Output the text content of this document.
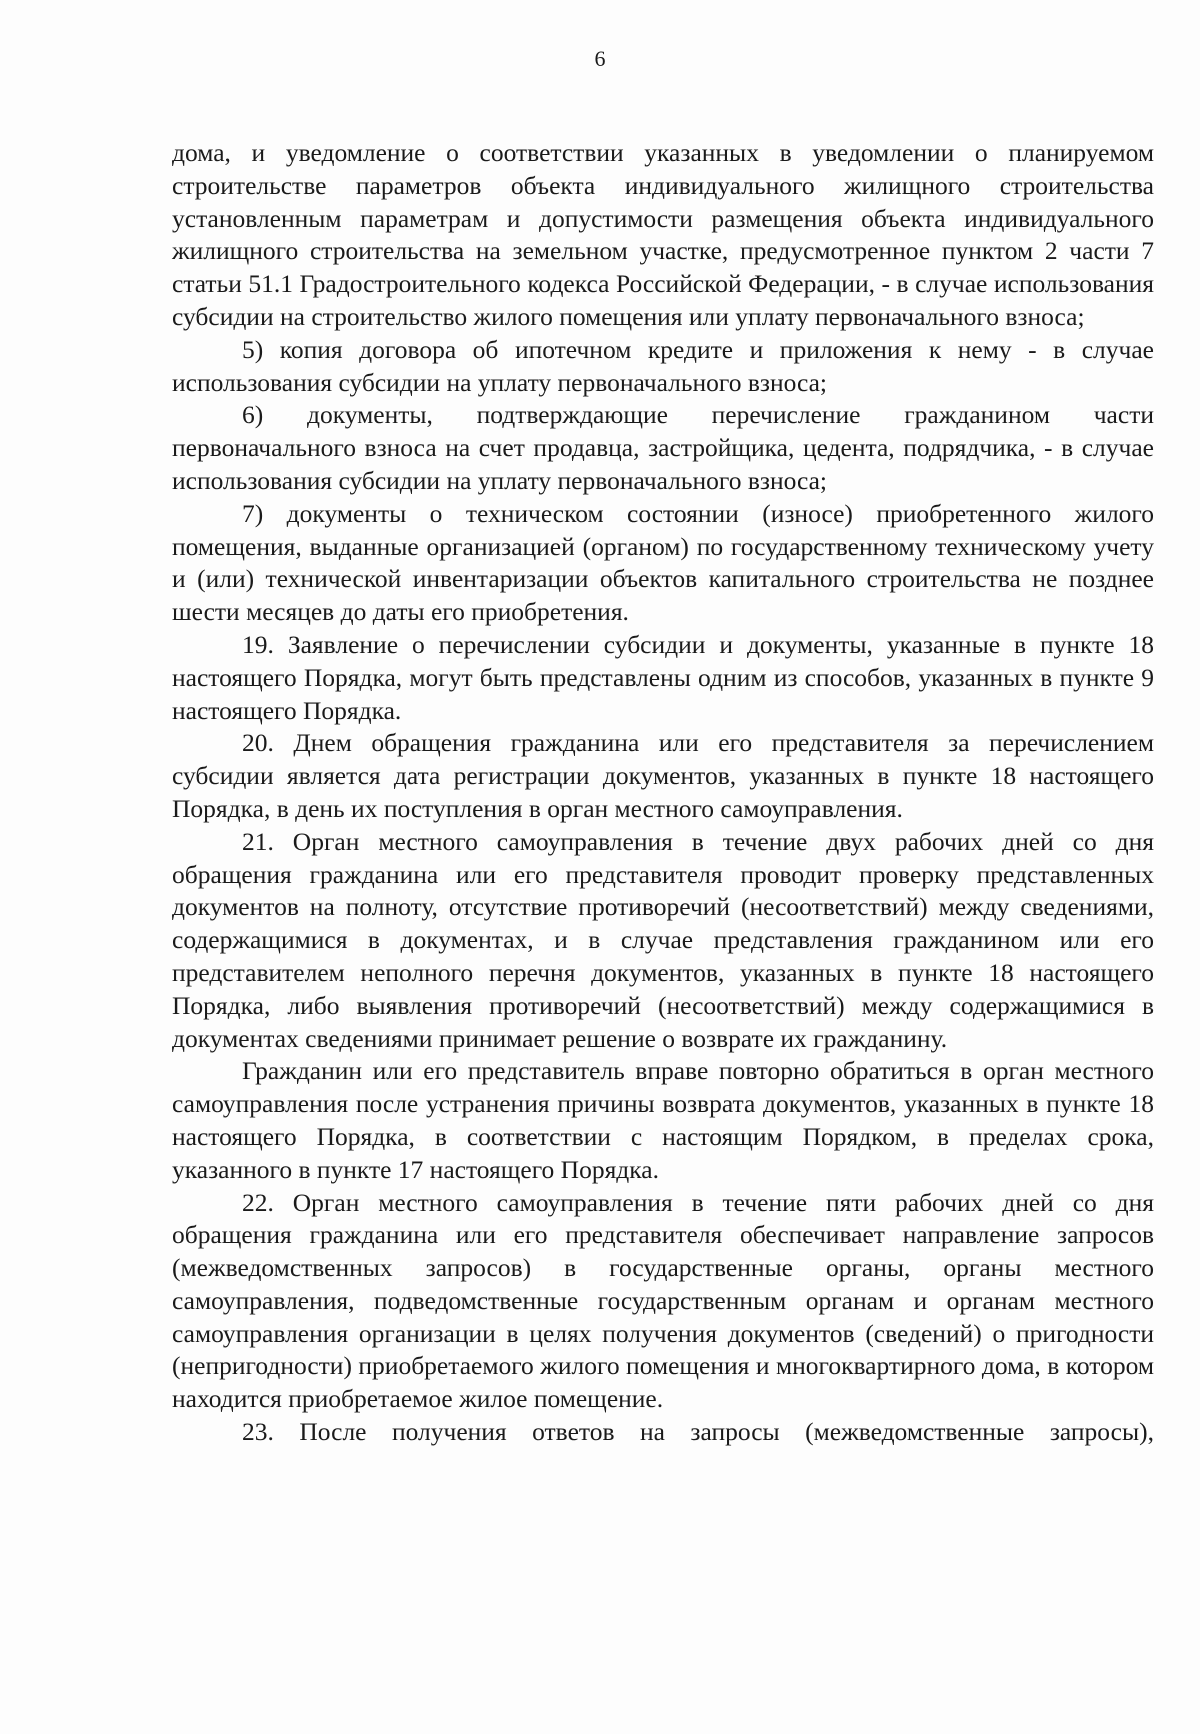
6

дома, и уведомление о соответствии указанных в уведомлении о планируемом строительстве параметров объекта индивидуального жилищного строительства установленным параметрам и допустимости размещения объекта индивидуального жилищного строительства на земельном участке, предусмотренное пунктом 2 части 7 статьи 51.1 Градостроительного кодекса Российской Федерации, - в случае использования субсидии на строительство жилого помещения или уплату первоначального взноса;

5) копия договора об ипотечном кредите и приложения к нему - в случае использования субсидии на уплату первоначального взноса;

6) документы, подтверждающие перечисление гражданином части первоначального взноса на счет продавца, застройщика, цедента, подрядчика, - в случае использования субсидии на уплату первоначального взноса;

7) документы о техническом состоянии (износе) приобретенного жилого помещения, выданные организацией (органом) по государственному техническому учету и (или) технической инвентаризации объектов капитального строительства не позднее шести месяцев до даты его приобретения.

19. Заявление о перечислении субсидии и документы, указанные в пункте 18 настоящего Порядка, могут быть представлены одним из способов, указанных в пункте 9 настоящего Порядка.

20. Днем обращения гражданина или его представителя за перечислением субсидии является дата регистрации документов, указанных в пункте 18 настоящего Порядка, в день их поступления в орган местного самоуправления.

21. Орган местного самоуправления в течение двух рабочих дней со дня обращения гражданина или его представителя проводит проверку представленных документов на полноту, отсутствие противоречий (несоответствий) между сведениями, содержащимися в документах, и в случае представления гражданином или его представителем неполного перечня документов, указанных в пункте 18 настоящего Порядка, либо выявления противоречий (несоответствий) между содержащимися в документах сведениями принимает решение о возврате их гражданину.

Гражданин или его представитель вправе повторно обратиться в орган местного самоуправления после устранения причины возврата документов, указанных в пункте 18 настоящего Порядка, в соответствии с настоящим Порядком, в пределах срока, указанного в пункте 17 настоящего Порядка.

22. Орган местного самоуправления в течение пяти рабочих дней со дня обращения гражданина или его представителя обеспечивает направление запросов (межведомственных запросов) в государственные органы, органы местного самоуправления, подведомственные государственным органам и органам местного самоуправления организации в целях получения документов (сведений) о пригодности (непригодности) приобретаемого жилого помещения и многоквартирного дома, в котором находится приобретаемое жилое помещение.

23. После получения ответов на запросы (межведомственные запросы),
